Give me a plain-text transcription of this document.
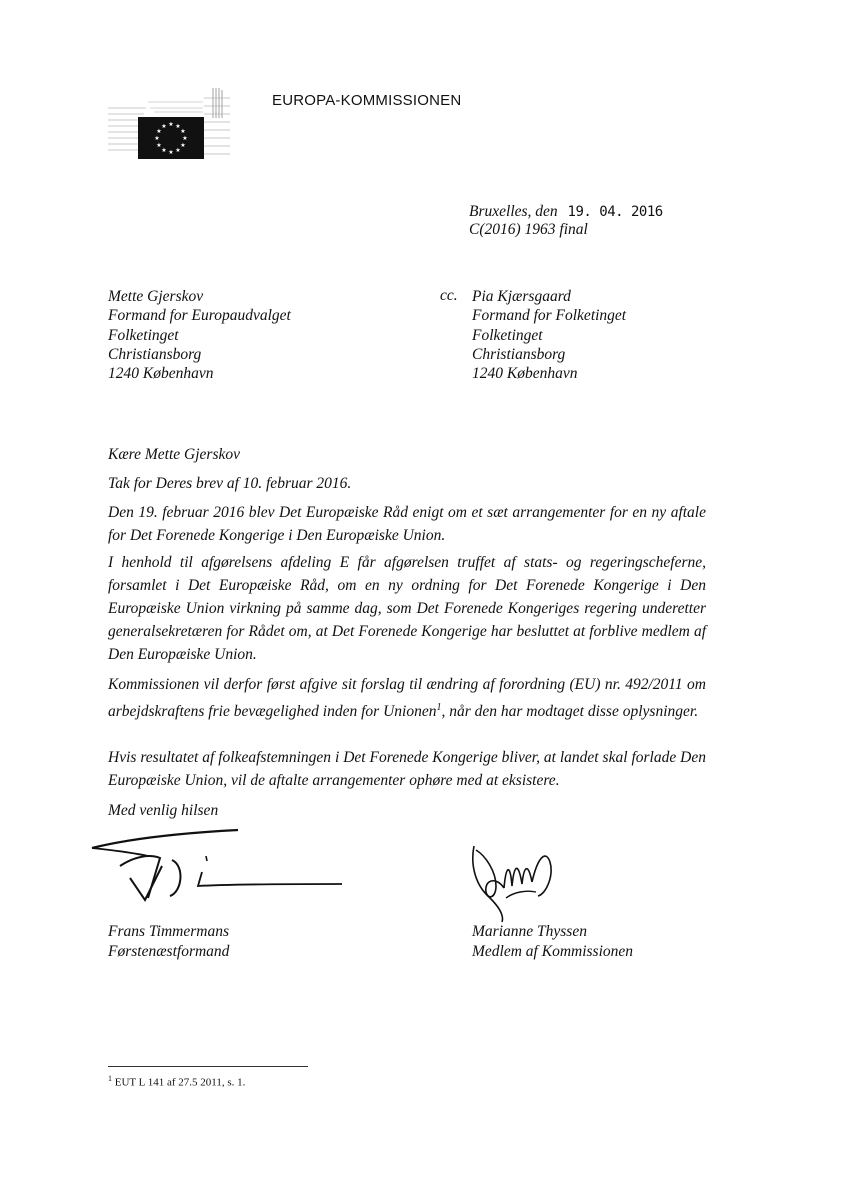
★ ★
★
★
★
★
★
★
★
★
★
★
EUROPA-KOMMISSIONEN
Bruxelles, den 19. 04. 2016
C(2016) 1963 final
Mette Gjerskov
Formand for Europaudvalget
Folketinget
Christiansborg
1240 København
cc. Pia Kjærsgaard
Formand for Folketinget
Folketinget
Christiansborg
1240 København
Kære Mette Gjerskov
Tak for Deres brev af 10. februar 2016.
Den 19. februar 2016 blev Det Europæiske Råd enigt om et sæt arrangementer for en ny aftale for Det Forenede Kongerige i Den Europæiske Union.
I henhold til afgørelsens afdeling E får afgørelsen truffet af stats- og regeringscheferne, forsamlet i Det Europæiske Råd, om en ny ordning for Det Forenede Kongerige i Den Europæiske Union virkning på samme dag, som Det Forenede Kongeriges regering underetter generalsekretæren for Rådet om, at Det Forenede Kongerige har besluttet at forblive medlem af Den Europæiske Union.
Kommissionen vil derfor først afgive sit forslag til ændring af forordning (EU) nr. 492/2011 om arbejdskraftens frie bevægelighed inden for Unionen$^1$, når den har modtaget disse oplysninger.
Hvis resultatet af folkeafstemningen i Det Forenede Kongerige bliver, at landet skal forlade Den Europæiske Union, vil de aftalte arrangementer ophøre med at eksistere.
Med venlig hilsen
Frans Timmermans
Førstenæstformand
Marianne Thyssen
Medlem af Kommissionen
$^1$ EUT L 141 af 27.5 2011, s. 1.
